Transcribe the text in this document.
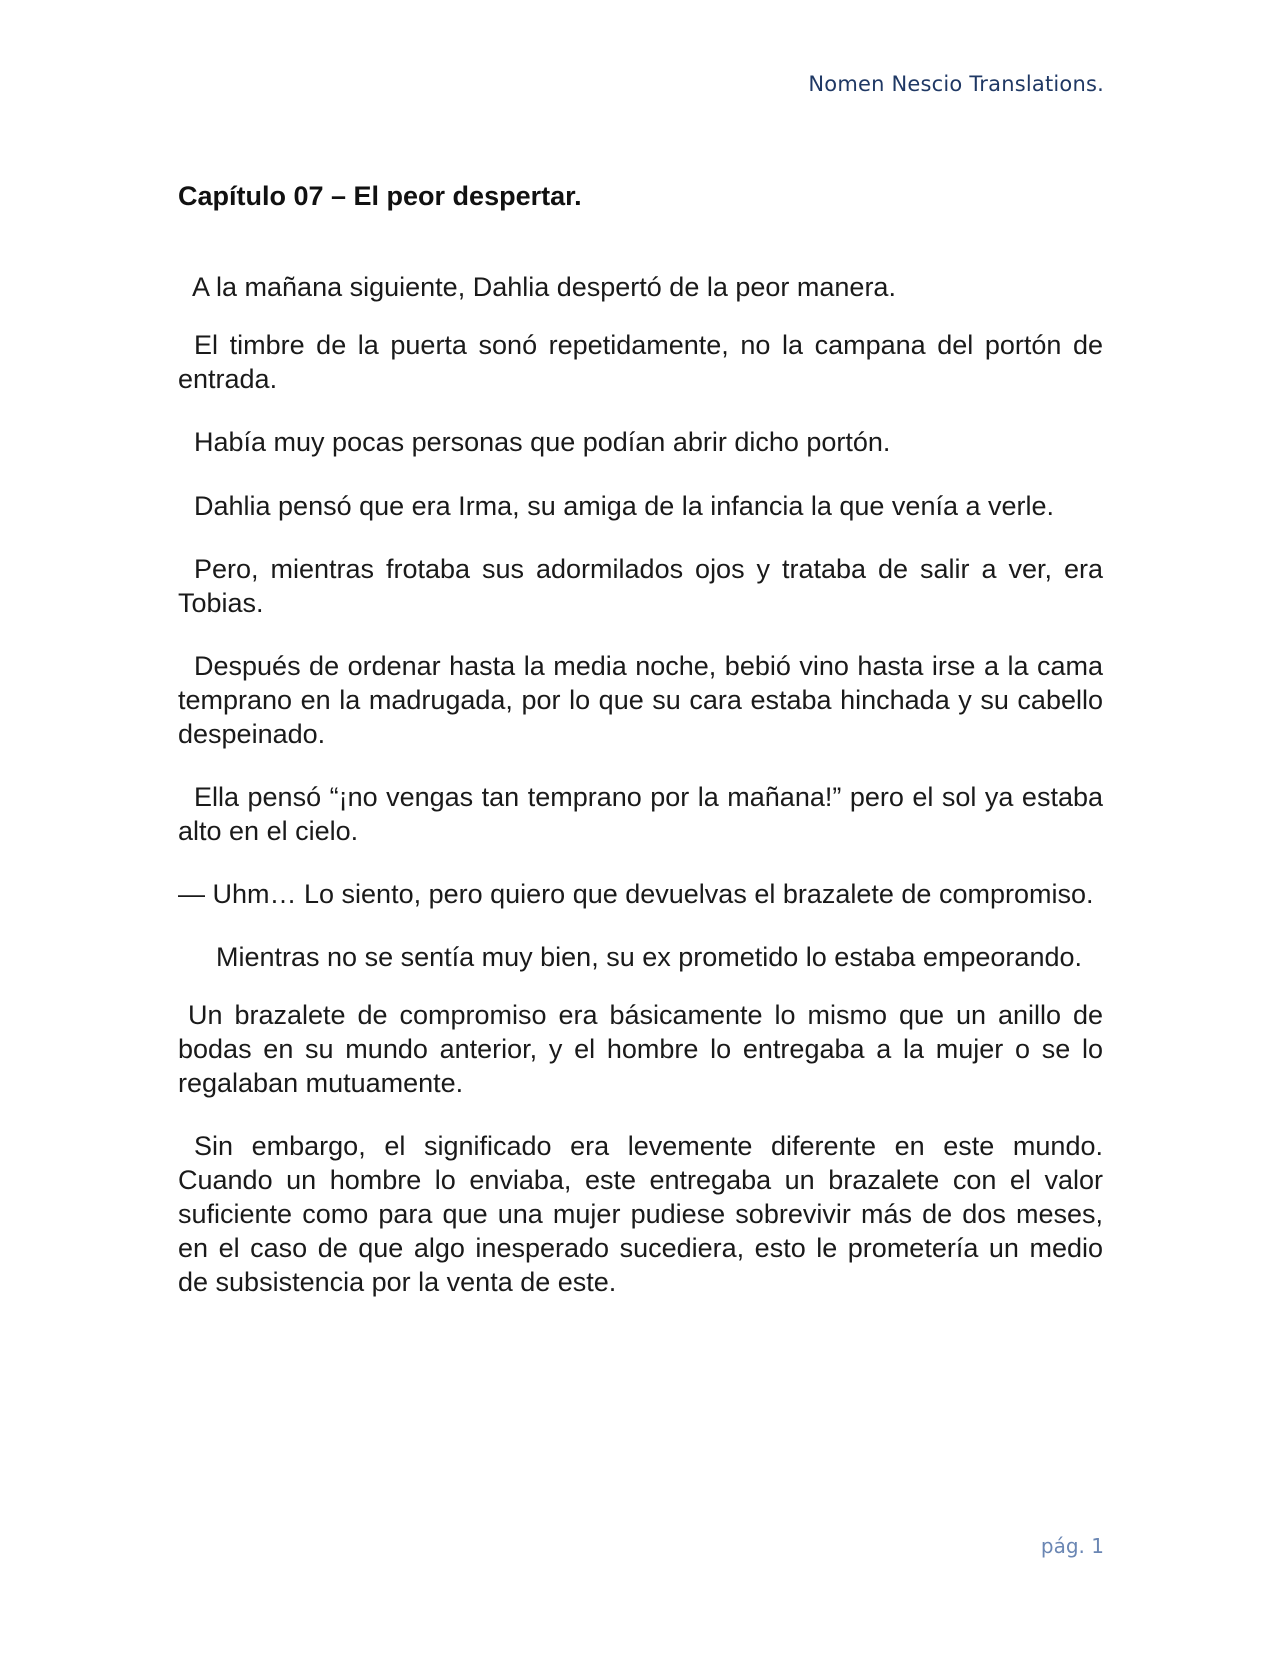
Nomen Nescio Translations.
Capítulo 07 – El peor despertar.

A la mañana siguiente, Dahlia despertó de la peor manera.

El timbre de la puerta sonó repetidamente, no la campana del portón de entrada.

Había muy pocas personas que podían abrir dicho portón.

Dahlia pensó que era Irma, su amiga de la infancia la que venía a verle.

Pero, mientras frotaba sus adormilados ojos y trataba de salir a ver, era Tobias.

Después de ordenar hasta la media noche, bebió vino hasta irse a la cama temprano en la madrugada, por lo que su cara estaba hinchada y su cabello despeinado.

Ella pensó “¡no vengas tan temprano por la mañana!” pero el sol ya estaba alto en el cielo.

— Uhm… Lo siento, pero quiero que devuelvas el brazalete de compromiso.

Mientras no se sentía muy bien, su ex prometido lo estaba empeorando.

Un brazalete de compromiso era básicamente lo mismo que un anillo de bodas en su mundo anterior, y el hombre lo entregaba a la mujer o se lo regalaban mutuamente.

Sin embargo, el significado era levemente diferente en este mundo. Cuando un hombre lo enviaba, este entregaba un brazalete con el valor suficiente como para que una mujer pudiese sobrevivir más de dos meses, en el caso de que algo inesperado sucediera, esto le prometería un medio de subsistencia por la venta de este.

pág. 1
